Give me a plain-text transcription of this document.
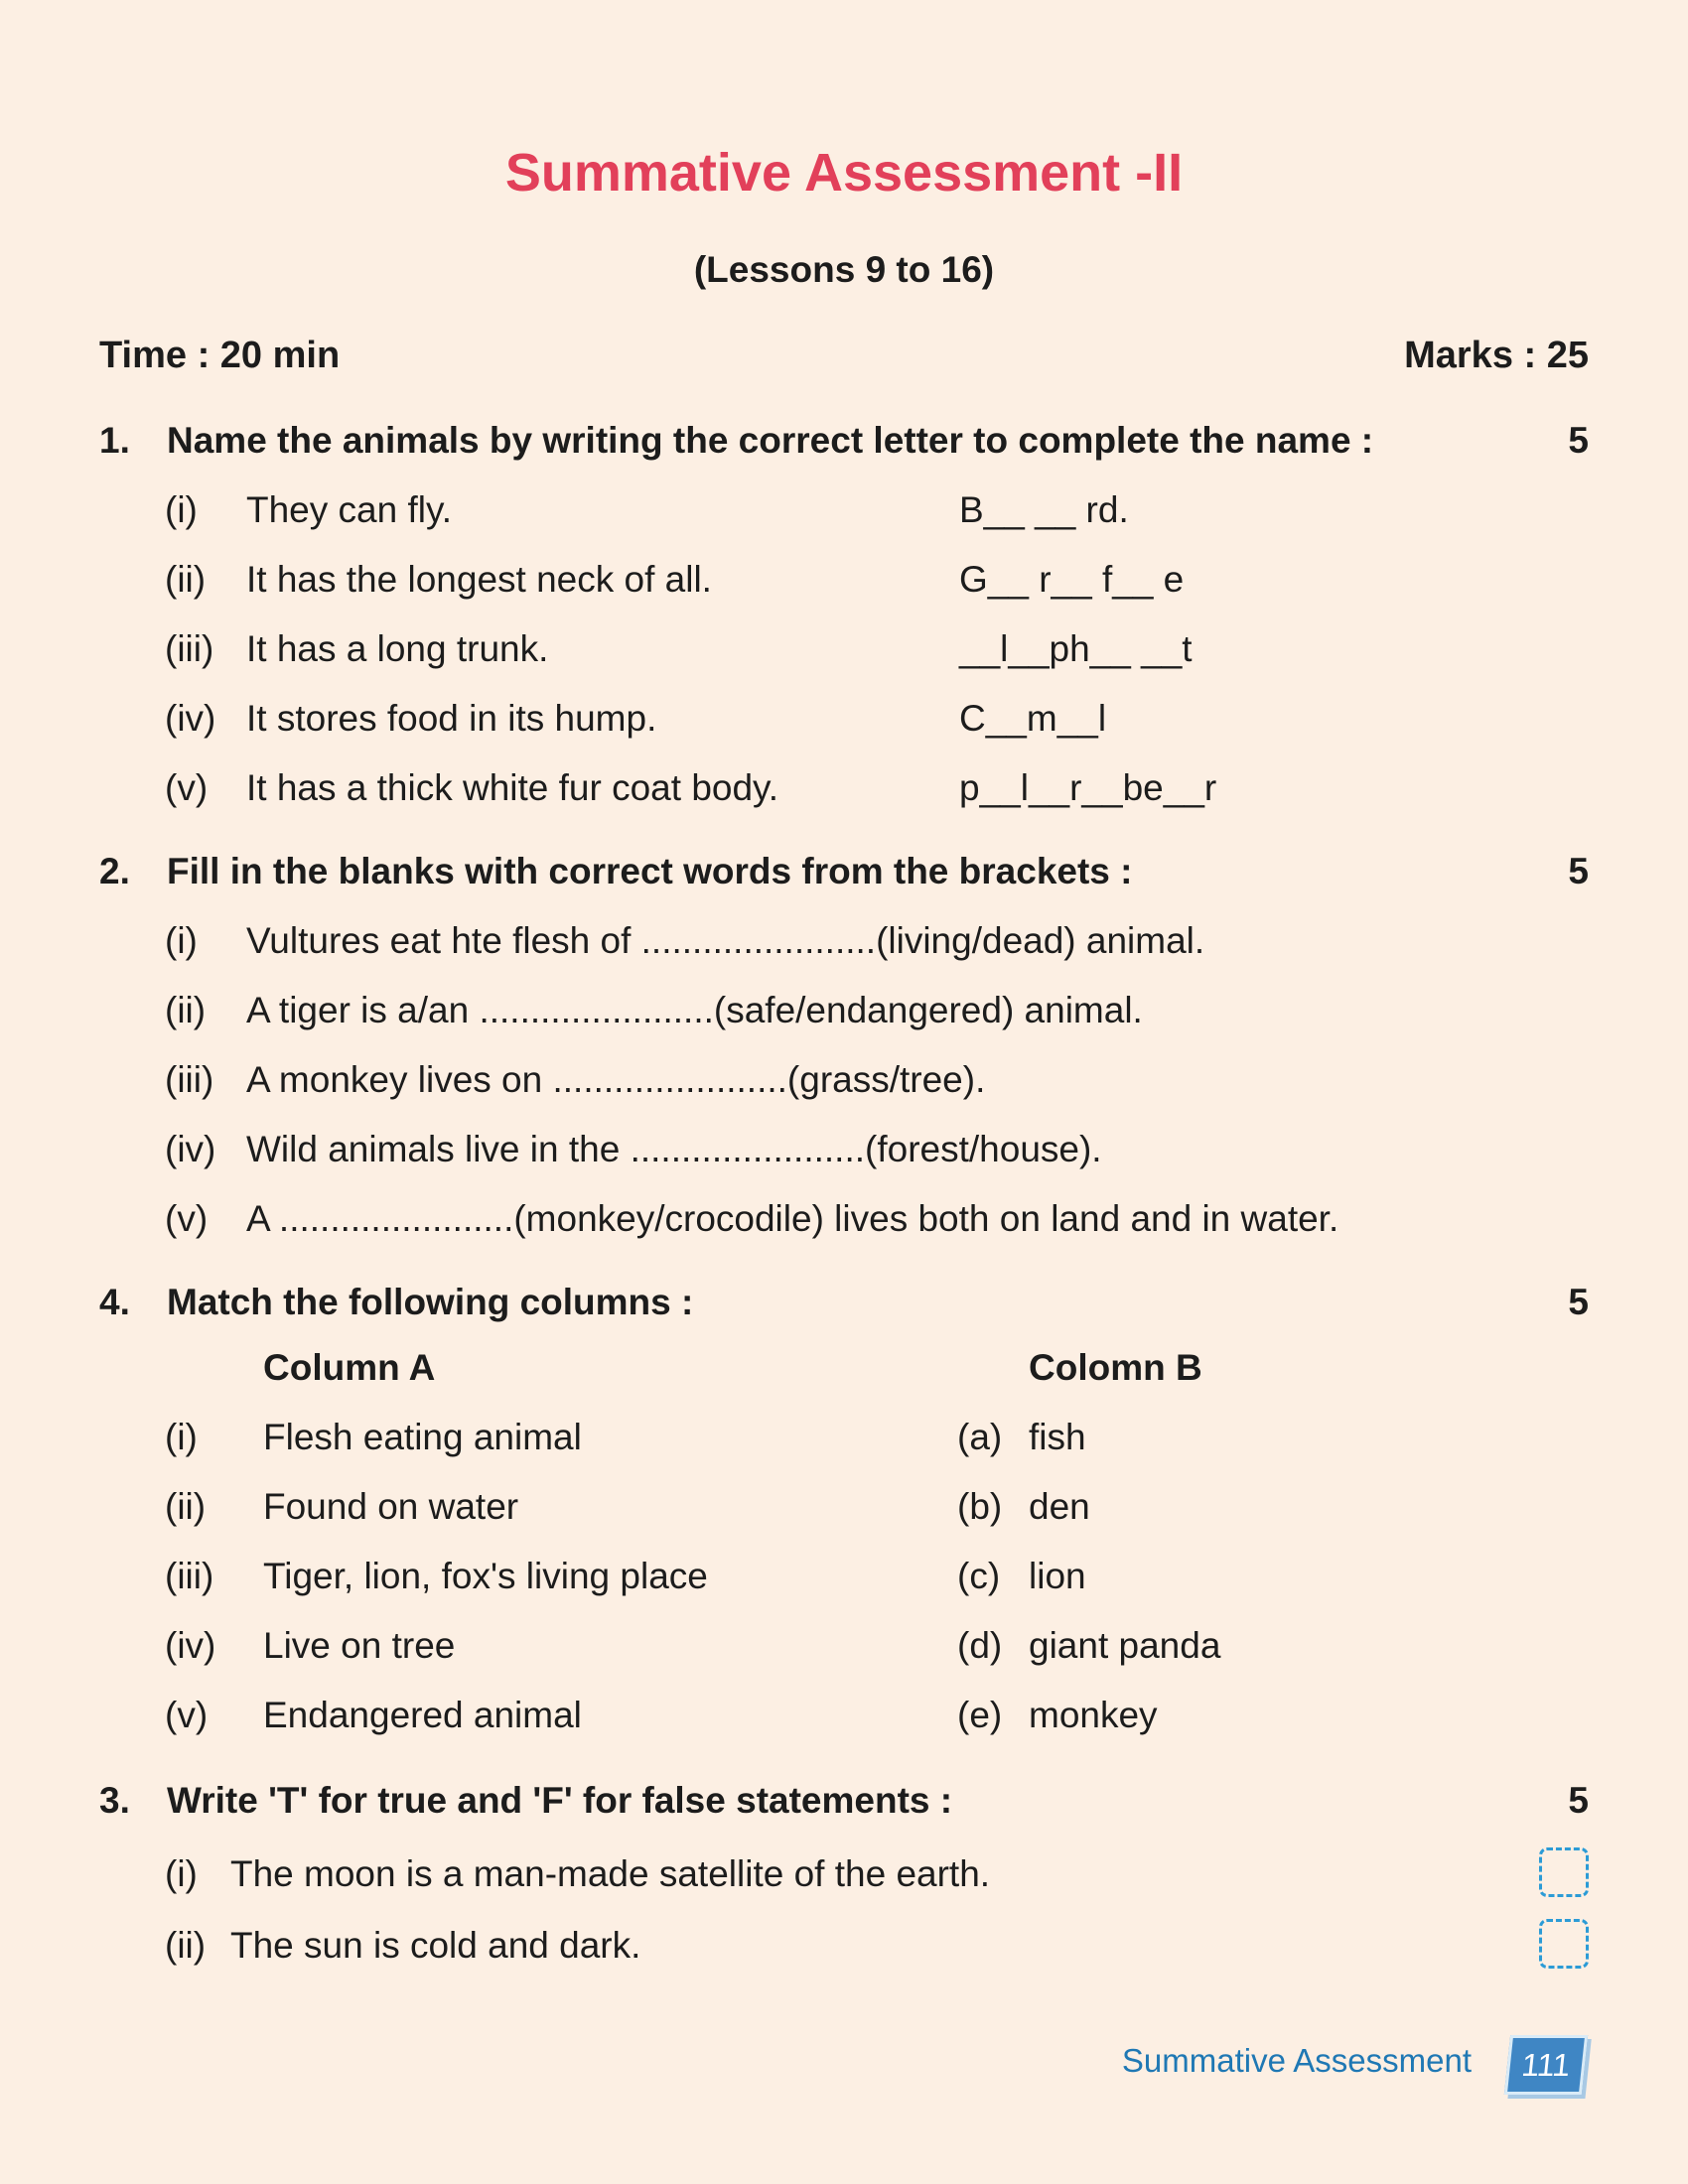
Summative Assessment -II
(Lessons 9 to 16)
Time : 20 min	Marks : 25
1. Name the animals by writing the correct letter to complete the name :	5
(i) They can fly.	B__ __ rd.
(ii) It has the longest neck of all.	G__ r__ f__ e
(iii) It has a long trunk.	__l__ph__ __t
(iv) It stores food in its hump.	C__m__l
(v) It has a thick white fur coat body.	p__l__r__be__r
2. Fill in the blanks with correct words from the brackets :	5
(i) Vultures eat hte flesh of .......................(living/dead) animal.
(ii) A tiger is a/an .......................(safe/endangered) animal.
(iii) A monkey lives on .......................(grass/tree).
(iv) Wild animals live in the .......................(forest/house).
(v) A .......................(monkey/crocodile) lives both on land and in water.
4. Match the following columns :	5
Column A	Colomn B
(i) Flesh eating animal	(a) fish
(ii) Found on water	(b) den
(iii) Tiger, lion, fox's living place	(c) lion
(iv) Live on tree	(d) giant panda
(v) Endangered animal	(e) monkey
3. Write 'T' for true and 'F' for false statements :	5
(i) The moon is a man-made satellite of the earth.
(ii) The sun is cold and dark.
Summative Assessment	111
